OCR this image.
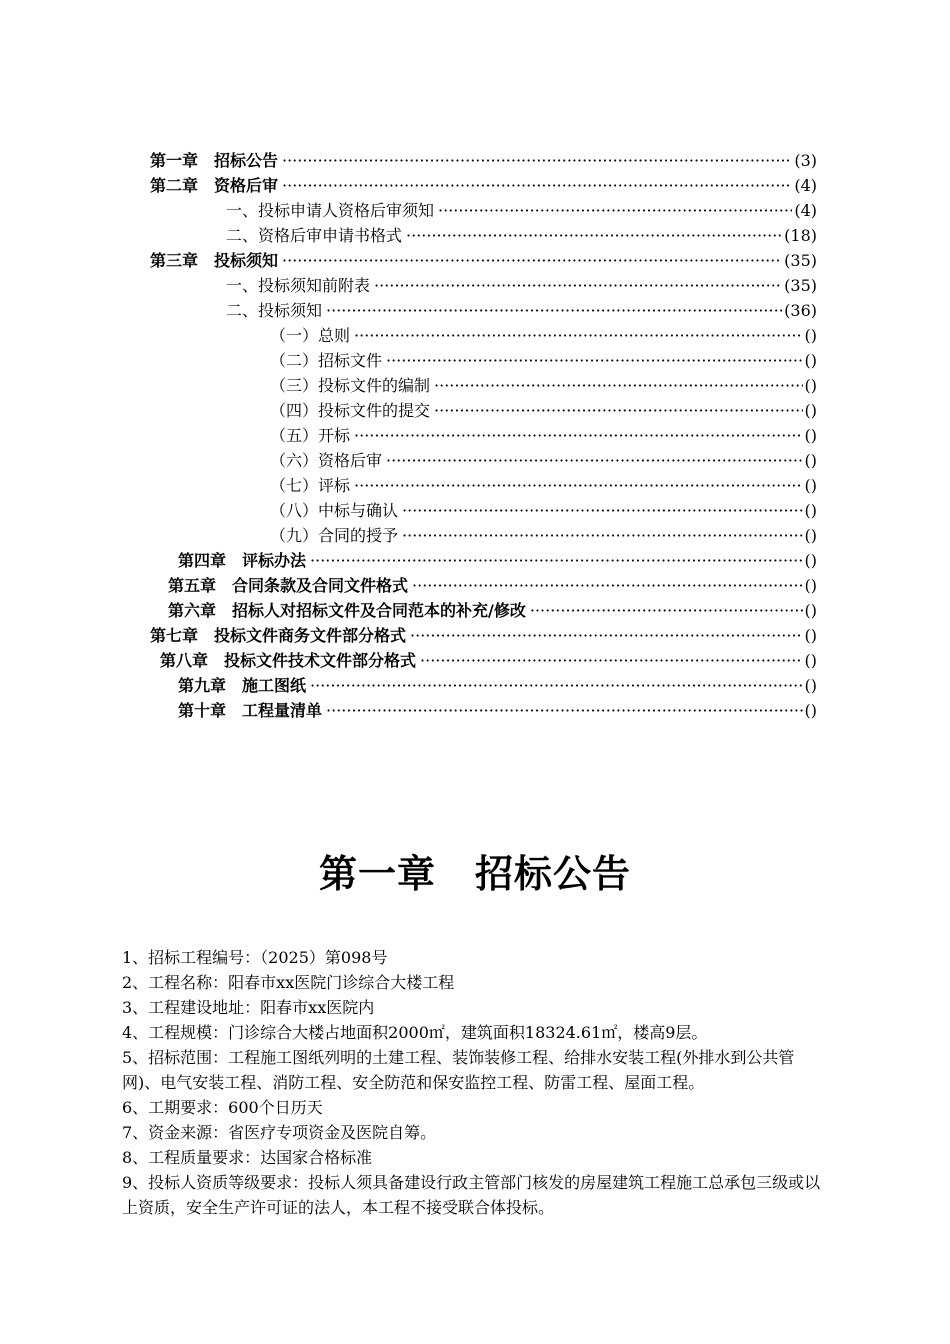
第一章　招标公告 ·····	(3)
第二章　资格后审 ·····	(4)
一、投标申请人资格后审须知 ·····	(4)
二、资格后审申请书格式 ·····	(18)
第三章　投标须知 ·····	(35)
一、投标须知前附表 ·····	(35)
二、投标须知 ·····	(36)
（一）总则 ·····	()
（二）招标文件 ·····	()
（三）投标文件的编制 ·····	()
（四）投标文件的提交 ·····	()
（五）开标 ·····	()
（六）资格后审 ·····	()
（七）评标 ·····	()
（八）中标与确认 ·····	()
（九）合同的授予 ·····	()
第四章　评标办法 ·····	()
第五章　合同条款及合同文件格式 ·····	()
第六章　招标人对招标文件及合同范本的补充/修改 ·····	()
第七章　投标文件商务文件部分格式 ·····	()
第八章　投标文件技术文件部分格式 ·····	()
第九章　施工图纸 ·····	()
第十章　工程量清单 ·····	()
第一章　招标公告

1、招标工程编号：（2025）第098号

2、工程名称：阳春市xx医院门诊综合大楼工程

3、工程建设地址：阳春市xx医院内

4、工程规模：门诊综合大楼占地面积2000㎡，建筑面积18324.61㎡，楼高9层。

5、招标范围：工程施工图纸列明的土建工程、装饰装修工程、给排水安装工程(外排水到公共管网)、电气安装工程、消防工程、安全防范和保安监控工程、防雷工程、屋面工程。

6、工期要求：600个日历天

7、资金来源：省医疗专项资金及医院自筹。

8、工程质量要求：达国家合格标准

9、投标人资质等级要求：投标人须具备建设行政主管部门核发的房屋建筑工程施工总承包三级或以上资质，安全生产许可证的法人，本工程不接受联合体投标。
